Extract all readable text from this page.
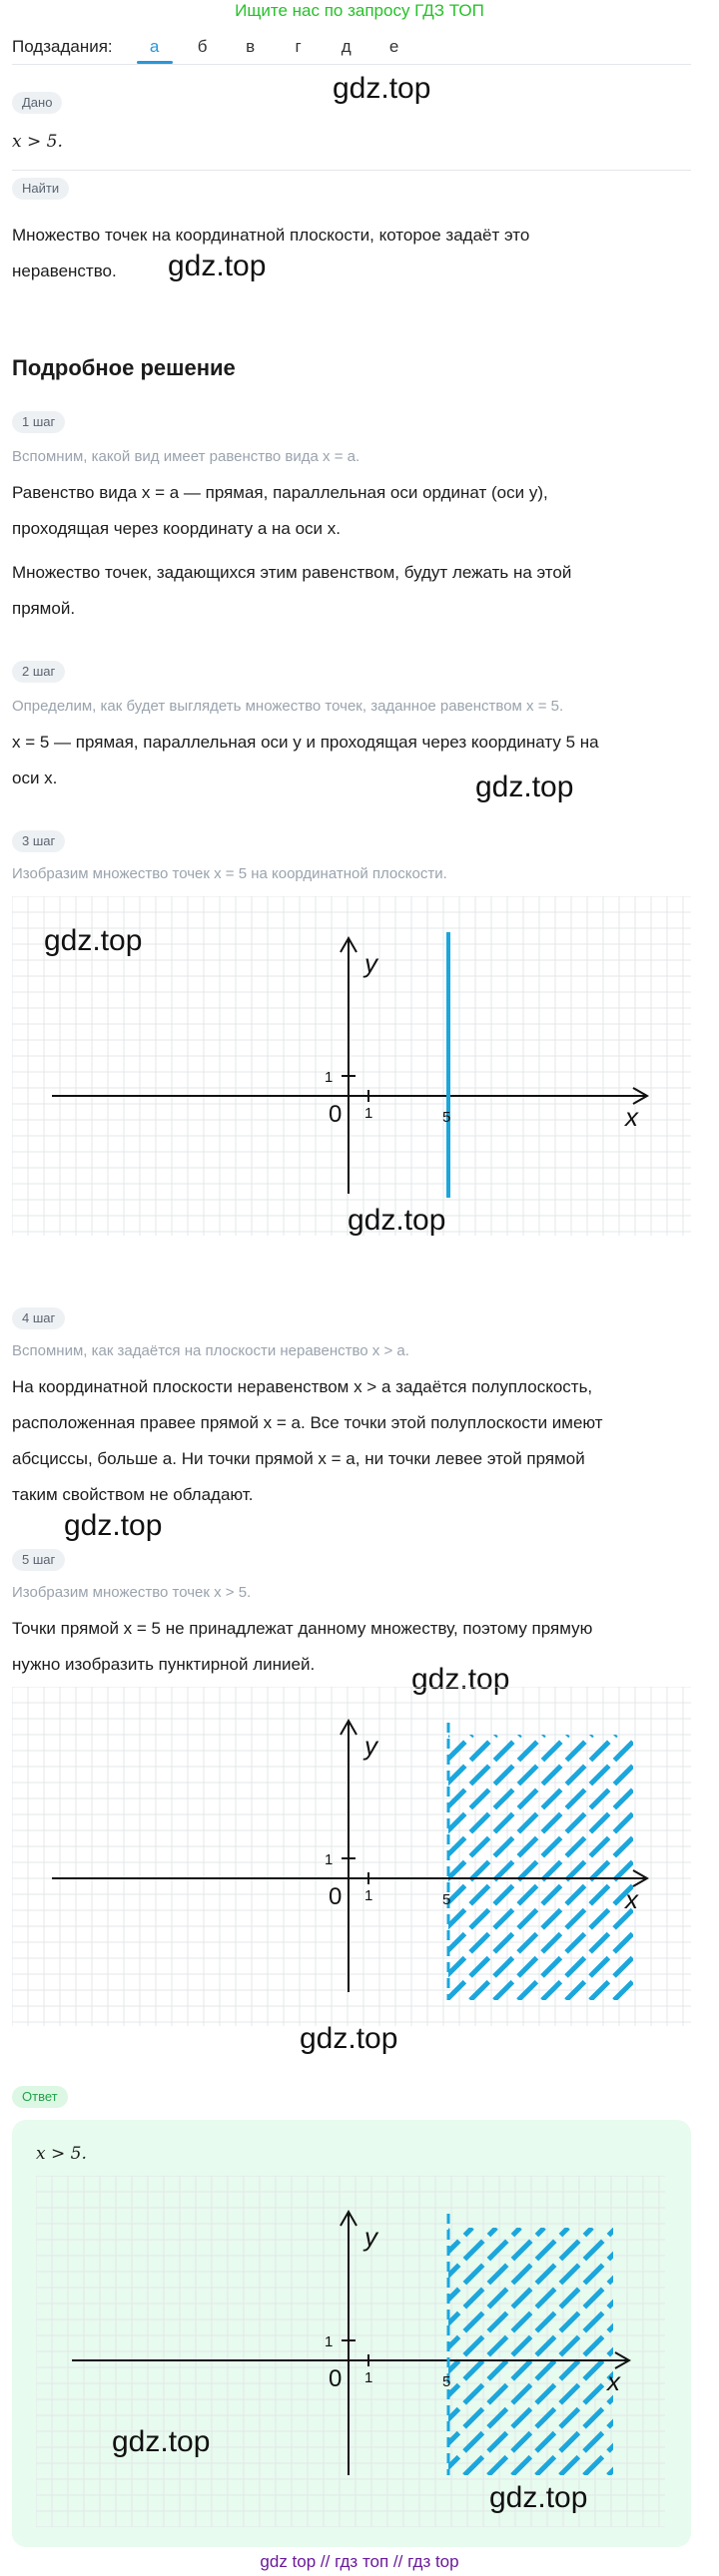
Ищите нас по запросу ГДЗ ТОП
Подзадания:	а	б	в	г	д	е
gdz.top
Дано
x > 5.
Найти
Множество точек на координатной плоскости, которое задаёт это
неравенство.	gdz.top
Подробное решение
1 шаг
Вспомним, какой вид имеет равенство вида x = a.
Равенство вида x = a — прямая, параллельная оси ординат (оси y),
проходящая через координату a на оси x.
Множество точек, задающихся этим равенством, будут лежать на этой
прямой.
2 шаг
Определим, как будет выглядеть множество точек, заданное равенством x = 5.
x = 5 — прямая, параллельная оси y и проходящая через координату 5 на
оси x.	gdz.top
3 шаг
Изобразим множество точек x = 5 на координатной плоскости.
x
y
0 1
1
5
gdz.top
gdz.top
4 шаг
Вспомним, как задаётся на плоскости неравенство x > a.
На координатной плоскости неравенством x > a задаётся полуплоскость,
расположенная правее прямой x = a. Все точки этой полуплоскости имеют
абсциссы, больше a. Ни точки прямой x = a, ни точки левее этой прямой
таким свойством не обладают.
gdz.top
5 шаг
Изобразим множество точек x > 5.
Точки прямой x = 5 не принадлежат данному множеству, поэтому прямую
нужно изобразить пунктирной линией.	gdz.top
x
y
0 1
1
5
gdz.top
Ответ
x > 5.
x
y
0 1
1
5
gdz.top
gdz.top
gdz top // гдз топ // гдз top
